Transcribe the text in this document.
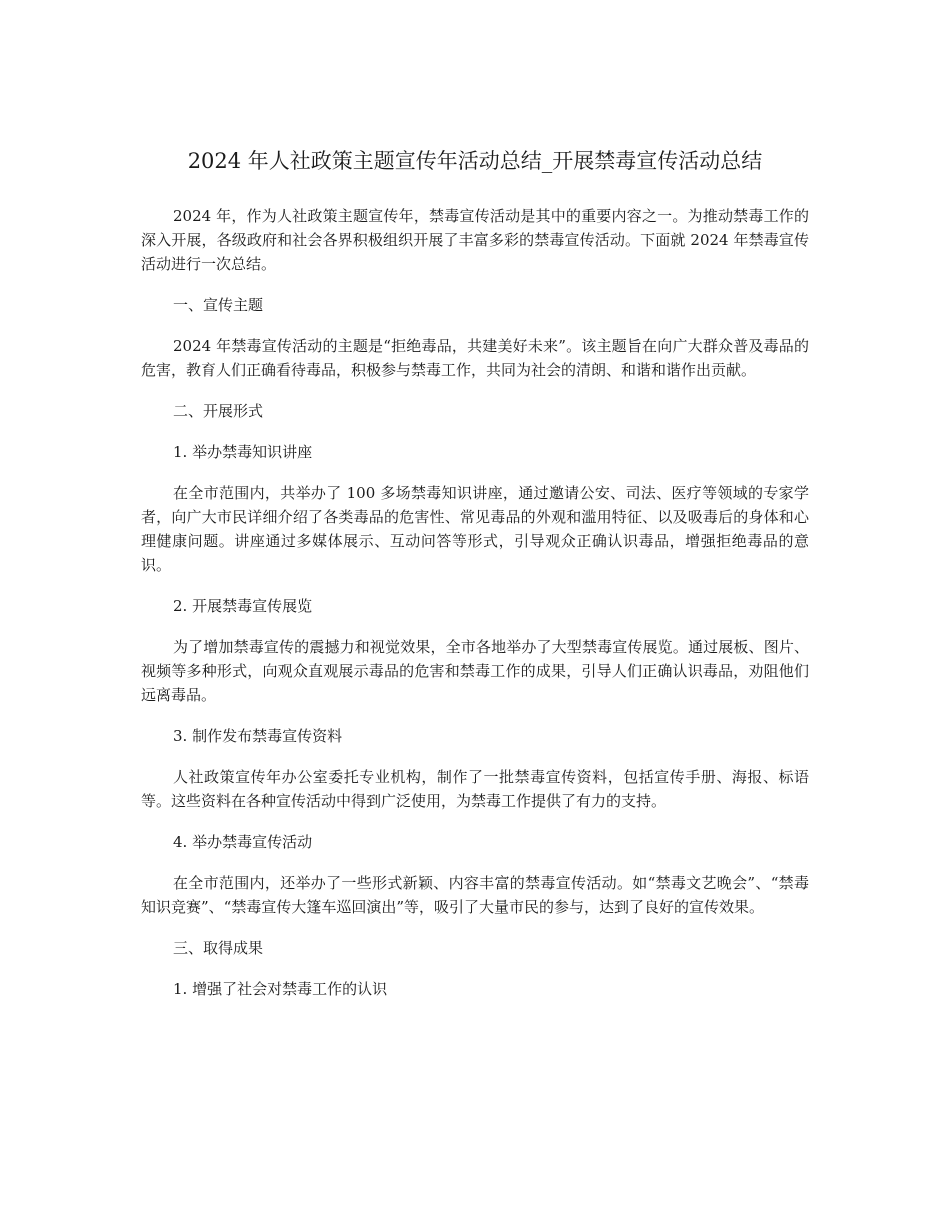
2024 年人社政策主题宣传年活动总结_开展禁毒宣传活动总结

2024 年，作为人社政策主题宣传年，禁毒宣传活动是其中的重要内容之一。为推动禁毒工作的深入开展，各级政府和社会各界积极组织开展了丰富多彩的禁毒宣传活动。下面就 2024 年禁毒宣传活动进行一次总结。

一、宣传主题

2024 年禁毒宣传活动的主题是“拒绝毒品，共建美好未来”。该主题旨在向广大群众普及毒品的危害，教育人们正确看待毒品，积极参与禁毒工作，共同为社会的清朗、和谐和谐作出贡献。

二、开展形式

1. 举办禁毒知识讲座

在全市范围内，共举办了 100 多场禁毒知识讲座，通过邀请公安、司法、医疗等领域的专家学者，向广大市民详细介绍了各类毒品的危害性、常见毒品的外观和滥用特征、以及吸毒后的身体和心理健康问题。讲座通过多媒体展示、互动问答等形式，引导观众正确认识毒品，增强拒绝毒品的意识。

2. 开展禁毒宣传展览

为了增加禁毒宣传的震撼力和视觉效果，全市各地举办了大型禁毒宣传展览。通过展板、图片、视频等多种形式，向观众直观展示毒品的危害和禁毒工作的成果，引导人们正确认识毒品，劝阻他们远离毒品。

3. 制作发布禁毒宣传资料

人社政策宣传年办公室委托专业机构，制作了一批禁毒宣传资料，包括宣传手册、海报、标语等。这些资料在各种宣传活动中得到广泛使用，为禁毒工作提供了有力的支持。

4. 举办禁毒宣传活动

在全市范围内，还举办了一些形式新颖、内容丰富的禁毒宣传活动。如“禁毒文艺晚会”、“禁毒知识竞赛”、“禁毒宣传大篷车巡回演出”等，吸引了大量市民的参与，达到了良好的宣传效果。

三、取得成果

1. 增强了社会对禁毒工作的认识
